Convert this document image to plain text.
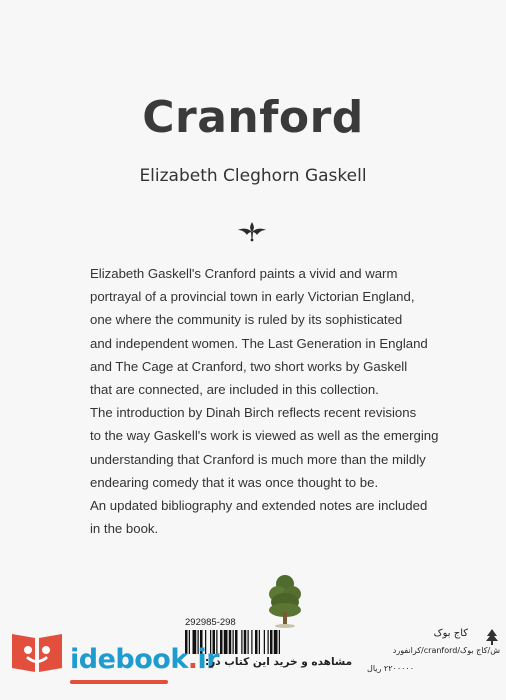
Cranford
Elizabeth Cleghorn Gaskell
Elizabeth Gaskell's Cranford paints a vivid and warm
portrayal of a provincial town in early Victorian England,
one where the community is ruled by its sophisticated
and independent women. The Last Generation in England
and The Cage at Cranford, two short works by Gaskell
that are connected, are included in this collection.
The introduction by Dinah Birch reflects recent revisions
to the way Gaskell's work is viewed as well as the emerging
understanding that Cranford is much more than the mildly
endearing comedy that it was once thought to be.
An updated bibliography and extended notes are included
in the book.
292985-298
کاج بوک
ش/کاج بوک/cranford/کرانفورد
۲۲۰۰۰۰۰ ریال
idebook.ir
مشاهده و خرید این کتاب در:
